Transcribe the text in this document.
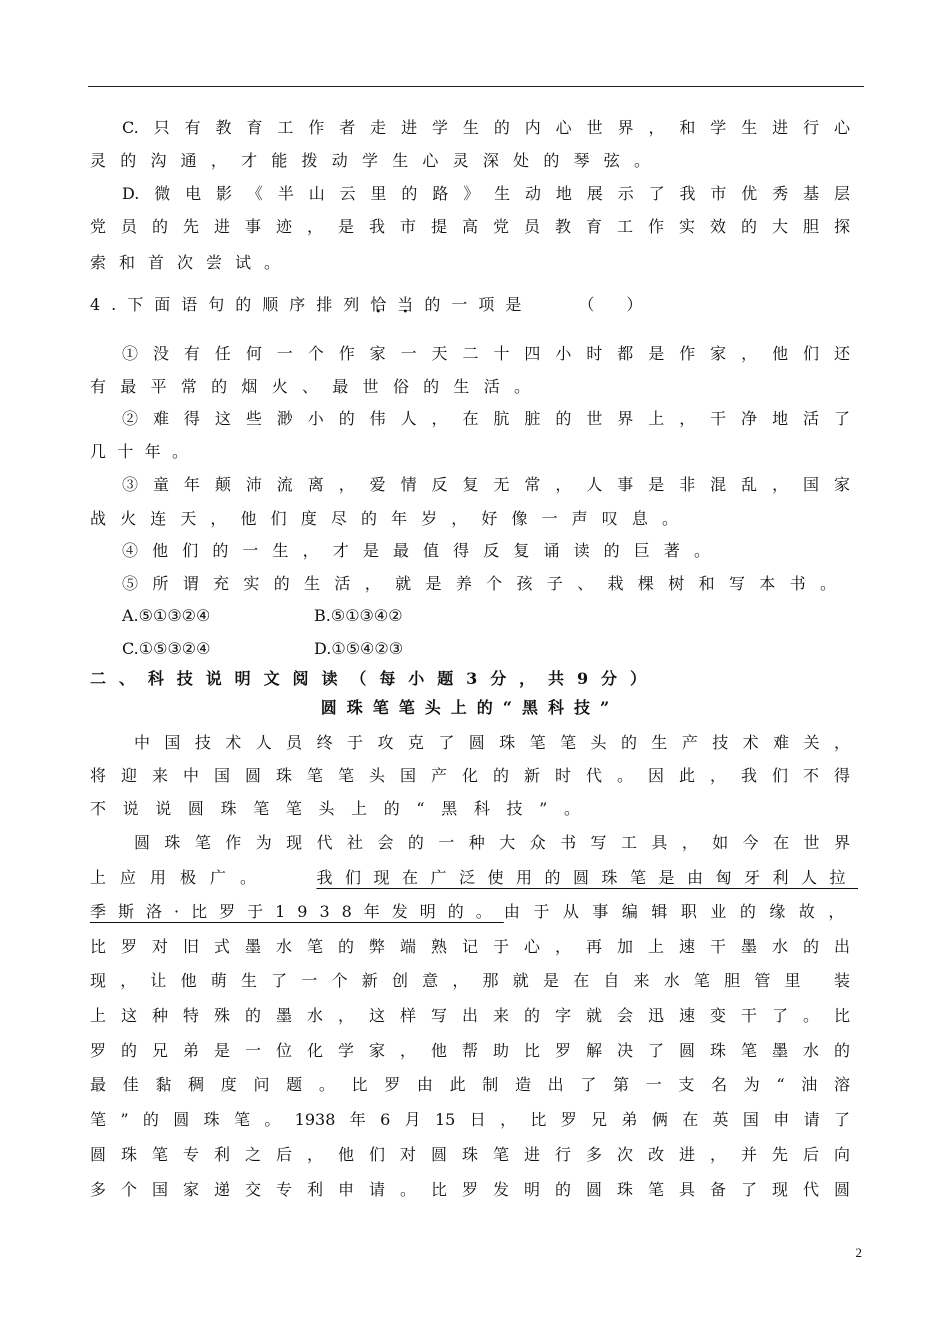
C.只有教育工作者走进学生的内心世界，和学生进行心
灵的沟通，才能拨动学生心灵深处的琴弦。
D.微电影《半山云里的路》生动地展示了我市优秀基层
党员的先进事迹，是我市提高党员教育工作实效的大胆探
索和首次尝试。
4.下面语句的顺序排列恰当的一项是	（　　）
①没有任何一个作家一天二十四小时都是作家，他们还
有最平常的烟火、最世俗的生活。
②难得这些渺小的伟人，在肮脏的世界上，干净地活了
几十年。
③童年颠沛流离，爱情反复无常，人事是非混乱，国家
战火连天，他们度尽的年岁，好像一声叹息。
④他们的一生，才是最值得反复诵读的巨著。
⑤所谓充实的生活，就是养个孩子、栽棵树和写本书。
A.⑤①③②④	B.⑤①③④②
C.①⑤③②④	D.①⑤④②③
二、科技说明文阅读（每小题3分，共9分）
圆珠笔笔头上的“黑科技”
中国技术人员终于攻克了圆珠笔笔头的生产技术难关，
将迎来中国圆珠笔笔头国产化的新时代。因此，我们不得
不说说圆珠笔笔头上的“黑科技”。
圆珠笔作为现代社会的一种大众书写工具，如今在世界
上应用极广。	我们现在广泛使用的圆珠笔是由匈牙利人拉
季斯洛·比罗于1938年发明的。 由于从事编辑职业的缘故，
比罗对旧式墨水笔的弊端熟记于心，再加上速干墨水的出
现，让他萌生了一个新创意，那就是在自来水笔胆管里 装
上这种特殊的墨水，这样写出来的字就会迅速变干了。比
罗的兄弟是一位化学家，他帮助比罗解决了圆珠笔墨水的
最佳黏稠度问题。比罗由此制造出了第一支名为“油溶
笔”的圆珠笔。1938年6月15日，比罗兄弟俩在英国申请了
圆珠笔专利之后，他们对圆珠笔进行多次改进，并先后向
多个国家递交专利申请。比罗发明的圆珠笔具备了现代圆
2
